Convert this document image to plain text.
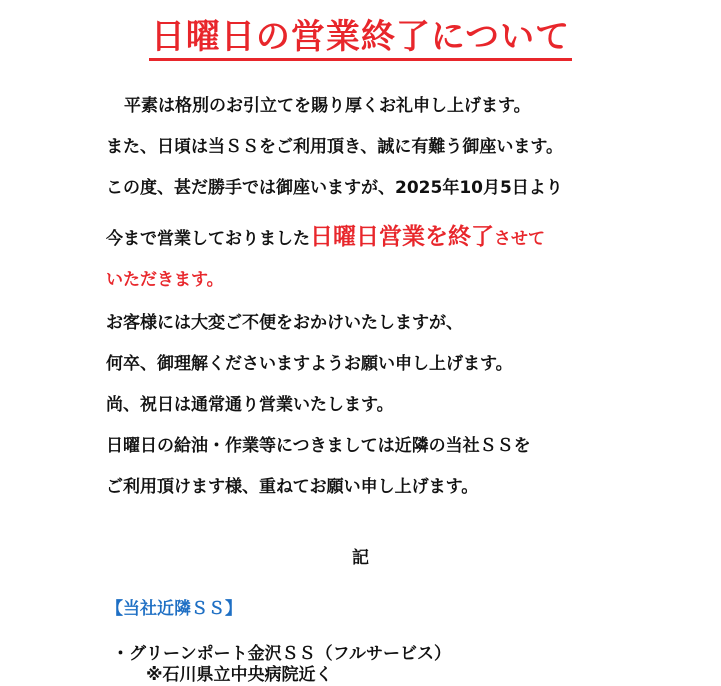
日曜日の営業終了について
平素は格別のお引立てを賜り厚くお礼申し上げます。
また、日頃は当ＳＳをご利用頂き、誠に有難う御座います。
この度、甚だ勝手では御座いますが、2025年10月5日より
今まで営業しておりました日曜日営業を終了させて
いただきます。
お客様には大変ご不便をおかけいたしますが、
何卒、御理解くださいますようお願い申し上げます。
尚、祝日は通常通り営業いたします。
日曜日の給油・作業等につきましては近隣の当社ＳＳを
ご利用頂けます様、重ねてお願い申し上げます。
記
【当社近隣ＳＳ】
・グリーンポート金沢ＳＳ（フルサービス）
※石川県立中央病院近く
